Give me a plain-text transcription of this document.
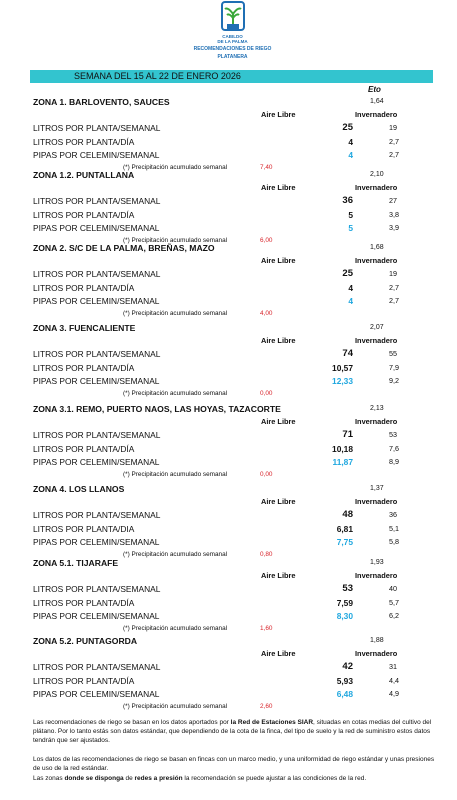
CABILDO
DE LA PALMA
RECOMENDACIONES DE RIEGO
PLATANERA
SEMANA DEL 15 AL 22 DE ENERO 2026
Eto
ZONA 1. BARLOVENTO, SAUCES	1,64
Aire Libre	Invernadero
LITROS POR PLANTA/SEMANAL	25	19
LITROS POR PLANTA/DÍA	4	2,7
PIPAS POR CELEMIN/SEMANAL	4	2,7
(*) Precipitación acumulado semanal	7,40
ZONA 1.2. PUNTALLANA	2,10
Aire Libre	Invernadero
LITROS POR PLANTA/SEMANAL	36	27
LITROS POR PLANTA/DÍA	5	3,8
PIPAS POR CELEMIN/SEMANAL	5	3,9
(*) Precipitación acumulado semanal	6,00
ZONA 2. S/C DE LA PALMA, BREÑAS, MAZO	1,68
Aire Libre	Invernadero
LITROS POR PLANTA/SEMANAL	25	19
LITROS POR PLANTA/DÍA	4	2,7
PIPAS POR CELEMIN/SEMANAL	4	2,7
(*) Precipitación acumulado semanal	4,00
ZONA 3. FUENCALIENTE	2,07
Aire Libre	Invernadero
LITROS POR PLANTA/SEMANAL	74	55
LITROS POR PLANTA/DÍA	10,57	7,9
PIPAS POR CELEMIN/SEMANAL	12,33	9,2
(*) Precipitación acumulado semanal	0,00
ZONA 3.1. REMO, PUERTO NAOS, LAS HOYAS, TAZACORTE	2,13
Aire Libre	Invernadero
LITROS POR PLANTA/SEMANAL	71	53
LITROS POR PLANTA/DÍA	10,18	7,6
PIPAS POR CELEMIN/SEMANAL	11,87	8,9
(*) Precipitación acumulado semanal	0,00
ZONA 4. LOS LLANOS	1,37
Aire Libre	Invernadero
LITROS POR PLANTA/SEMANAL	48	36
LITROS POR PLANTA/DIA	6,81	5,1
PIPAS POR CELEMIN/SEMANAL	7,75	5,8
(*) Precipitación acumulado semanal	0,80
ZONA 5.1. TIJARAFE	1,93
Aire Libre	Invernadero
LITROS POR PLANTA/SEMANAL	53	40
LITROS POR PLANTA/DÍA	7,59	5,7
PIPAS POR CELEMIN/SEMANAL	8,30	6,2
(*) Precipitación acumulado semanal	1,60
ZONA 5.2. PUNTAGORDA	1,88
Aire Libre	Invernadero
LITROS POR PLANTA/SEMANAL	42	31
LITROS POR PLANTA/DÍA	5,93	4,4
PIPAS POR CELEMIN/SEMANAL	6,48	4,9
(*) Precipitación acumulado semanal	2,60
Las recomendaciones de riego se basan en los datos aportados por la Red de Estaciones SIAR, situadas en cotas medias del cultivo del plátano. Por lo tanto estás son datos estándar, que dependiendo de la cota de la finca, del tipo de suelo y la red de suministro estos datos tendrán que ser ajustados.
Los datos de las recomendaciones de riego se basan en fincas con un marco medio, y una uniformidad de riego estándar y unas presiones de uso de la red estándar.
Las zonas donde se disponga de redes a presión la recomendación se puede ajustar a las condiciones de la red.
